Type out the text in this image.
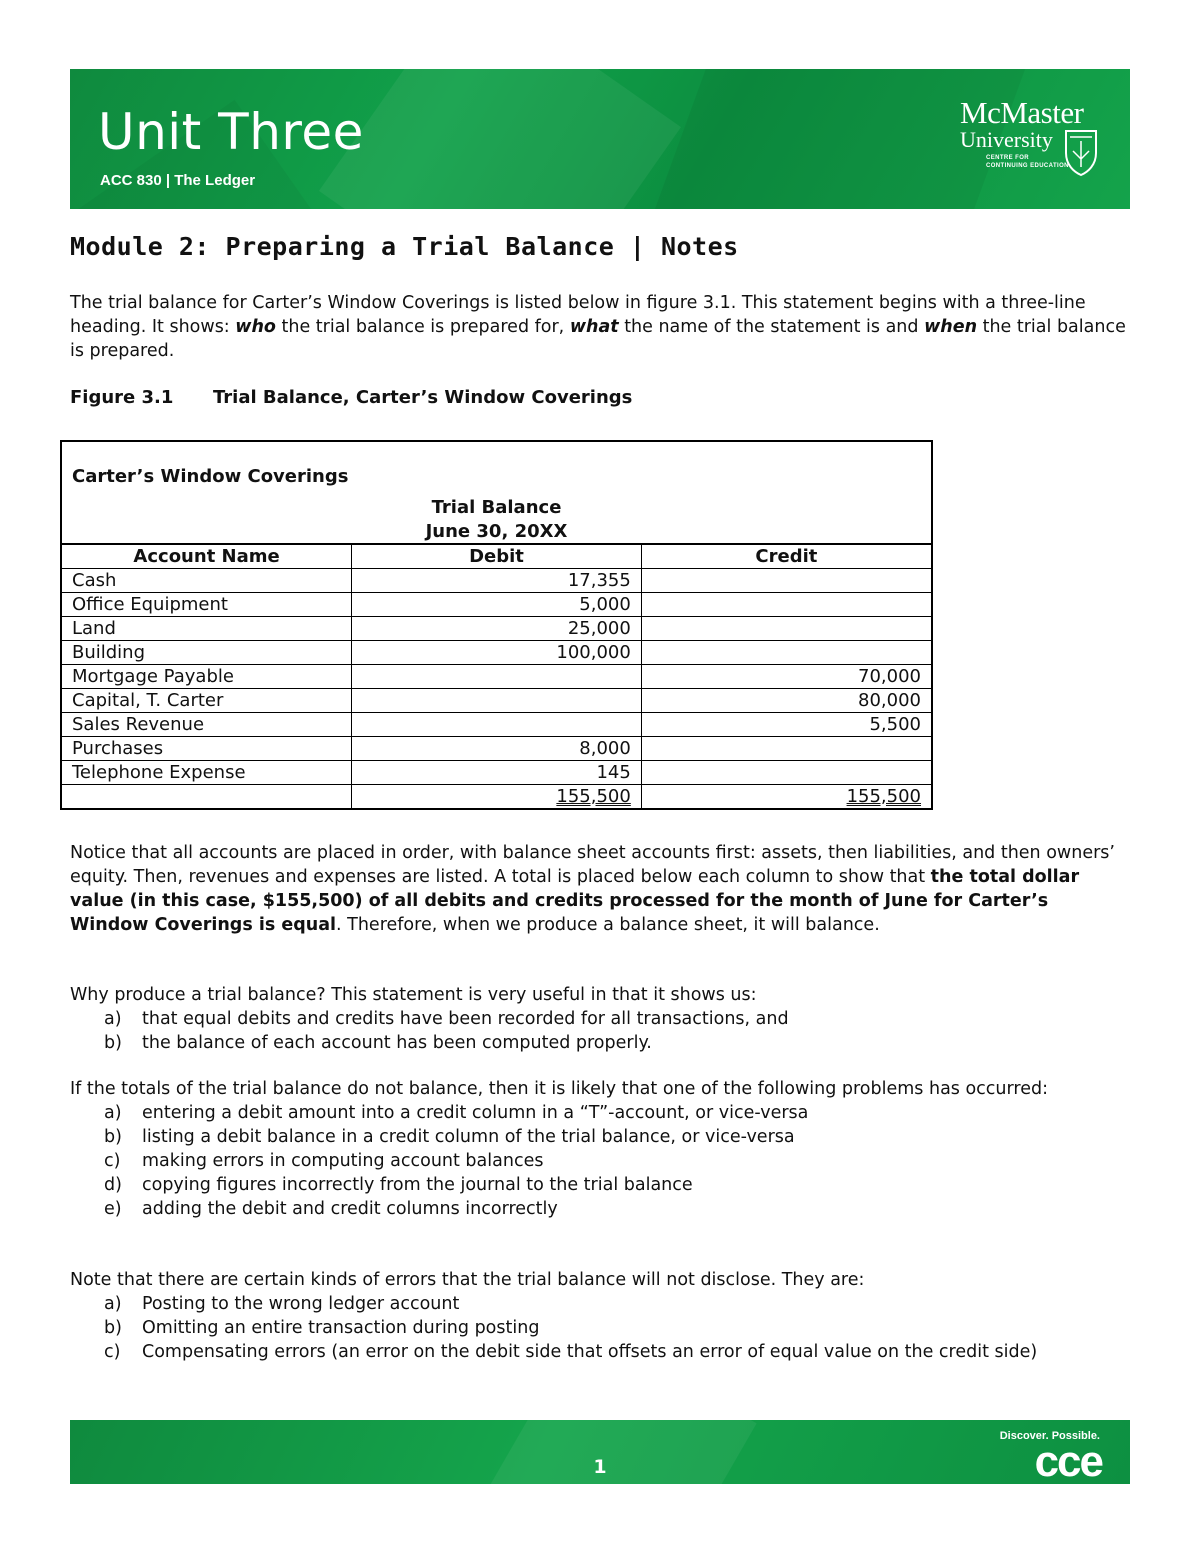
Unit Three
ACC 830 | The Ledger
McMaster
University
CENTRE FOR
CONTINUING EDUCATION
Module 2: Preparing a Trial Balance | Notes

The trial balance for Carter’s Window Coverings is listed below in figure 3.1. This statement begins with a three-line heading. It shows: who the trial balance is prepared for, what the name of the statement is and when the trial balance is prepared.

Figure 3.1 Trial Balance, Carter’s Window Coverings
Carter’s Window Coverings
Trial Balance
June 30, 20XX
Account Name	Debit	Credit
Cash	17,355	
Office Equipment	5,000	
Land	25,000	
Building	100,000	
Mortgage Payable		70,000
Capital, T. Carter		80,000
Sales Revenue		5,500
Purchases	8,000	
Telephone Expense	145	
	155,500	155,500

Notice that all accounts are placed in order, with balance sheet accounts first: assets, then liabilities, and then owners’ equity. Then, revenues and expenses are listed. A total is placed below each column to show that the total dollar value (in this case, $155,500) of all debits and credits processed for the month of June for Carter’s Window Coverings is equal. Therefore, when we produce a balance sheet, it will balance.

Why produce a trial balance? This statement is very useful in that it shows us:

a) that equal debits and credits have been recorded for all transactions, and
b) the balance of each account has been computed properly.

If the totals of the trial balance do not balance, then it is likely that one of the following problems has occurred:

a) entering a debit amount into a credit column in a “T”-account, or vice-versa
b) listing a debit balance in a credit column of the trial balance, or vice-versa
c) making errors in computing account balances
d) copying figures incorrectly from the journal to the trial balance
e) adding the debit and credit columns incorrectly

Note that there are certain kinds of errors that the trial balance will not disclose. They are:

a) Posting to the wrong ledger account
b) Omitting an entire transaction during posting
c) Compensating errors (an error on the debit side that offsets an error of equal value on the credit side)
1
Discover. Possible.
cce
